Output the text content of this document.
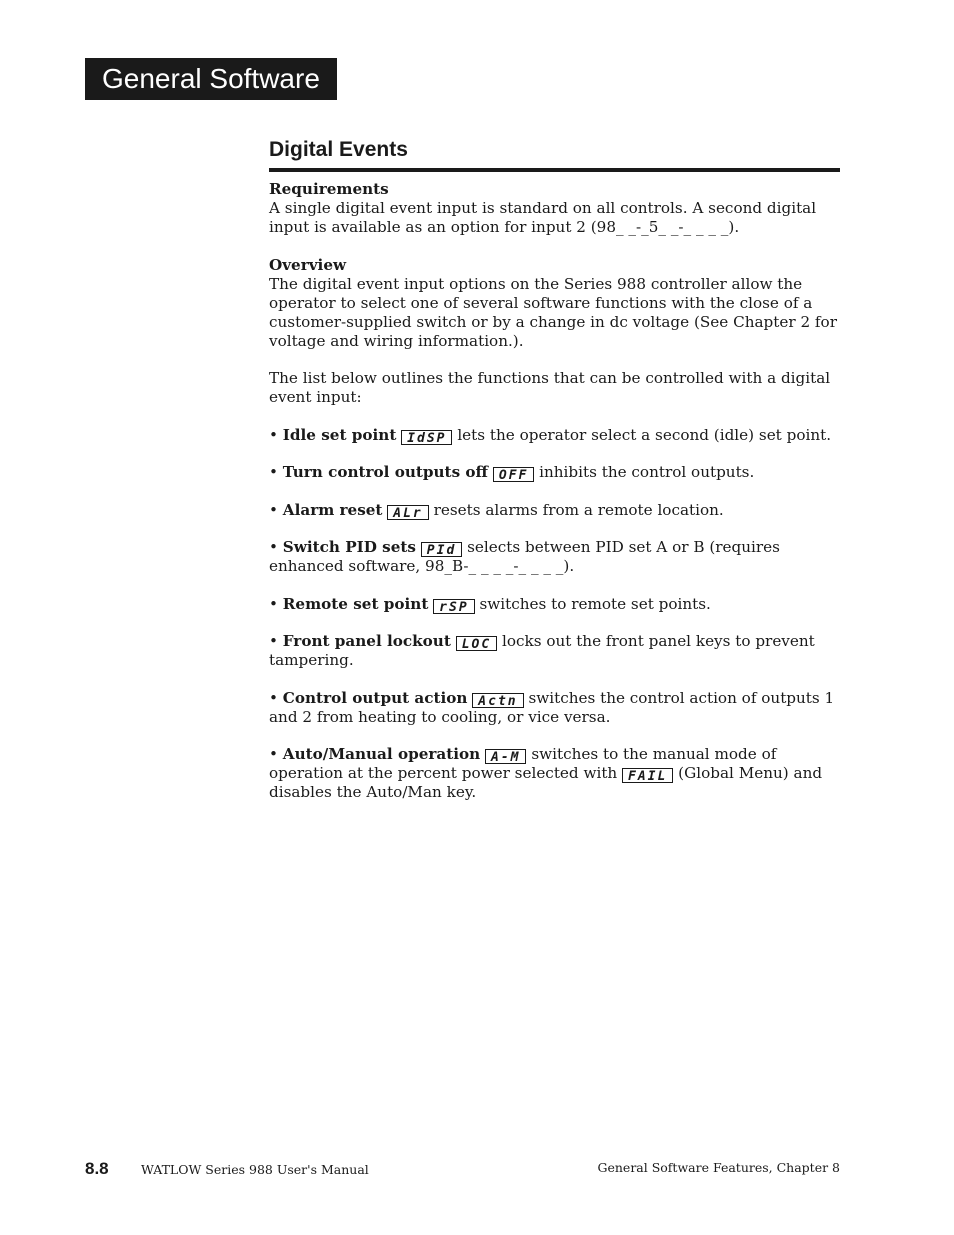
General Software
Digital Events

Requirements
A single digital event input is standard on all controls. A second digital input is available as an option for input 2 (98_ _-_5_ _-_ _ _ _).

Overview
The digital event input options on the Series 988 controller allow the operator to select one of several software functions with the close of a customer-supplied switch or by a change in dc voltage (See Chapter 2 for voltage and wiring information.).

The list below outlines the functions that can be controlled with a digital event input:

• Idle set point IdSP lets the operator select a second (idle) set point.

• Turn control outputs off OFF inhibits the control outputs.

• Alarm reset ALr resets alarms from a remote location.

• Switch PID sets PId selects between PID set A or B (requires enhanced software, 98_B-_ _ _ _-_ _ _ _).

• Remote set point rSP switches to remote set points.

• Front panel lockout LOC locks out the front panel keys to prevent tampering.

• Control output action Actn switches the control action of outputs 1 and 2 from heating to cooling, or vice versa.

• Auto/Manual operation A-M switches to the manual mode of operation at the percent power selected with FAIL (Global Menu) and disables the Auto/Man key.

8.8	WATLOW Series 988 User's Manual	General Software Features, Chapter 8
